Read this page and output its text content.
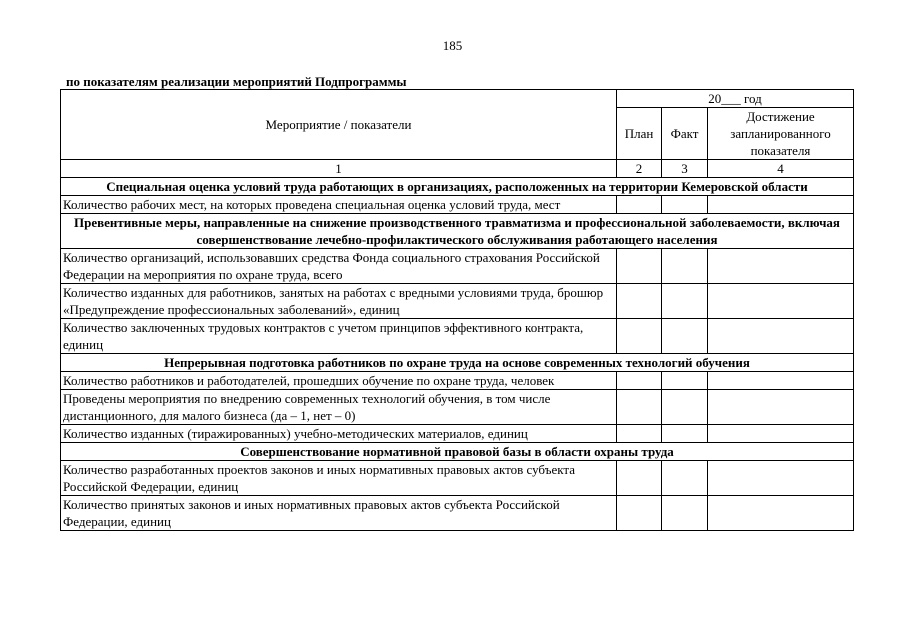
185
по показателям реализации мероприятий Подпрограммы
Мероприятие / показатели	20___ год		
	План	Факт	Достижение запланированного показателя
1	2	3	4
Специальная оценка условий труда работающих в организациях, расположенных на территории Кемеровской области			
Количество рабочих мест, на которых проведена специальная оценка условий труда, мест			
Превентивные меры, направленные на снижение производственного травматизма и профессиональной заболеваемости, включая совершенствование лечебно-профилактического обслуживания работающего населения			
Количество организаций, использовавших средства Фонда социального страхования Российской Федерации на мероприятия по охране труда, всего			
Количество изданных для работников, занятых на работах с вредными условиями труда, брошюр «Предупреждение профессиональных заболеваний», единиц			
Количество заключенных трудовых контрактов с учетом принципов эффективного контракта, единиц			
Непрерывная подготовка работников по охране труда на основе современных технологий обучения			
Количество работников и работодателей, прошедших обучение по охране труда, человек			
Проведены мероприятия по внедрению современных технологий обучения, в том числе дистанционного, для малого бизнеса (да – 1, нет – 0)			
Количество изданных (тиражированных) учебно-методических материалов, единиц			
Совершенствование нормативной правовой базы в области охраны труда			
Количество разработанных проектов законов и иных нормативных правовых актов субъекта Российской Федерации, единиц			
Количество принятых законов и иных нормативных правовых актов субъекта Российской Федерации, единиц			
